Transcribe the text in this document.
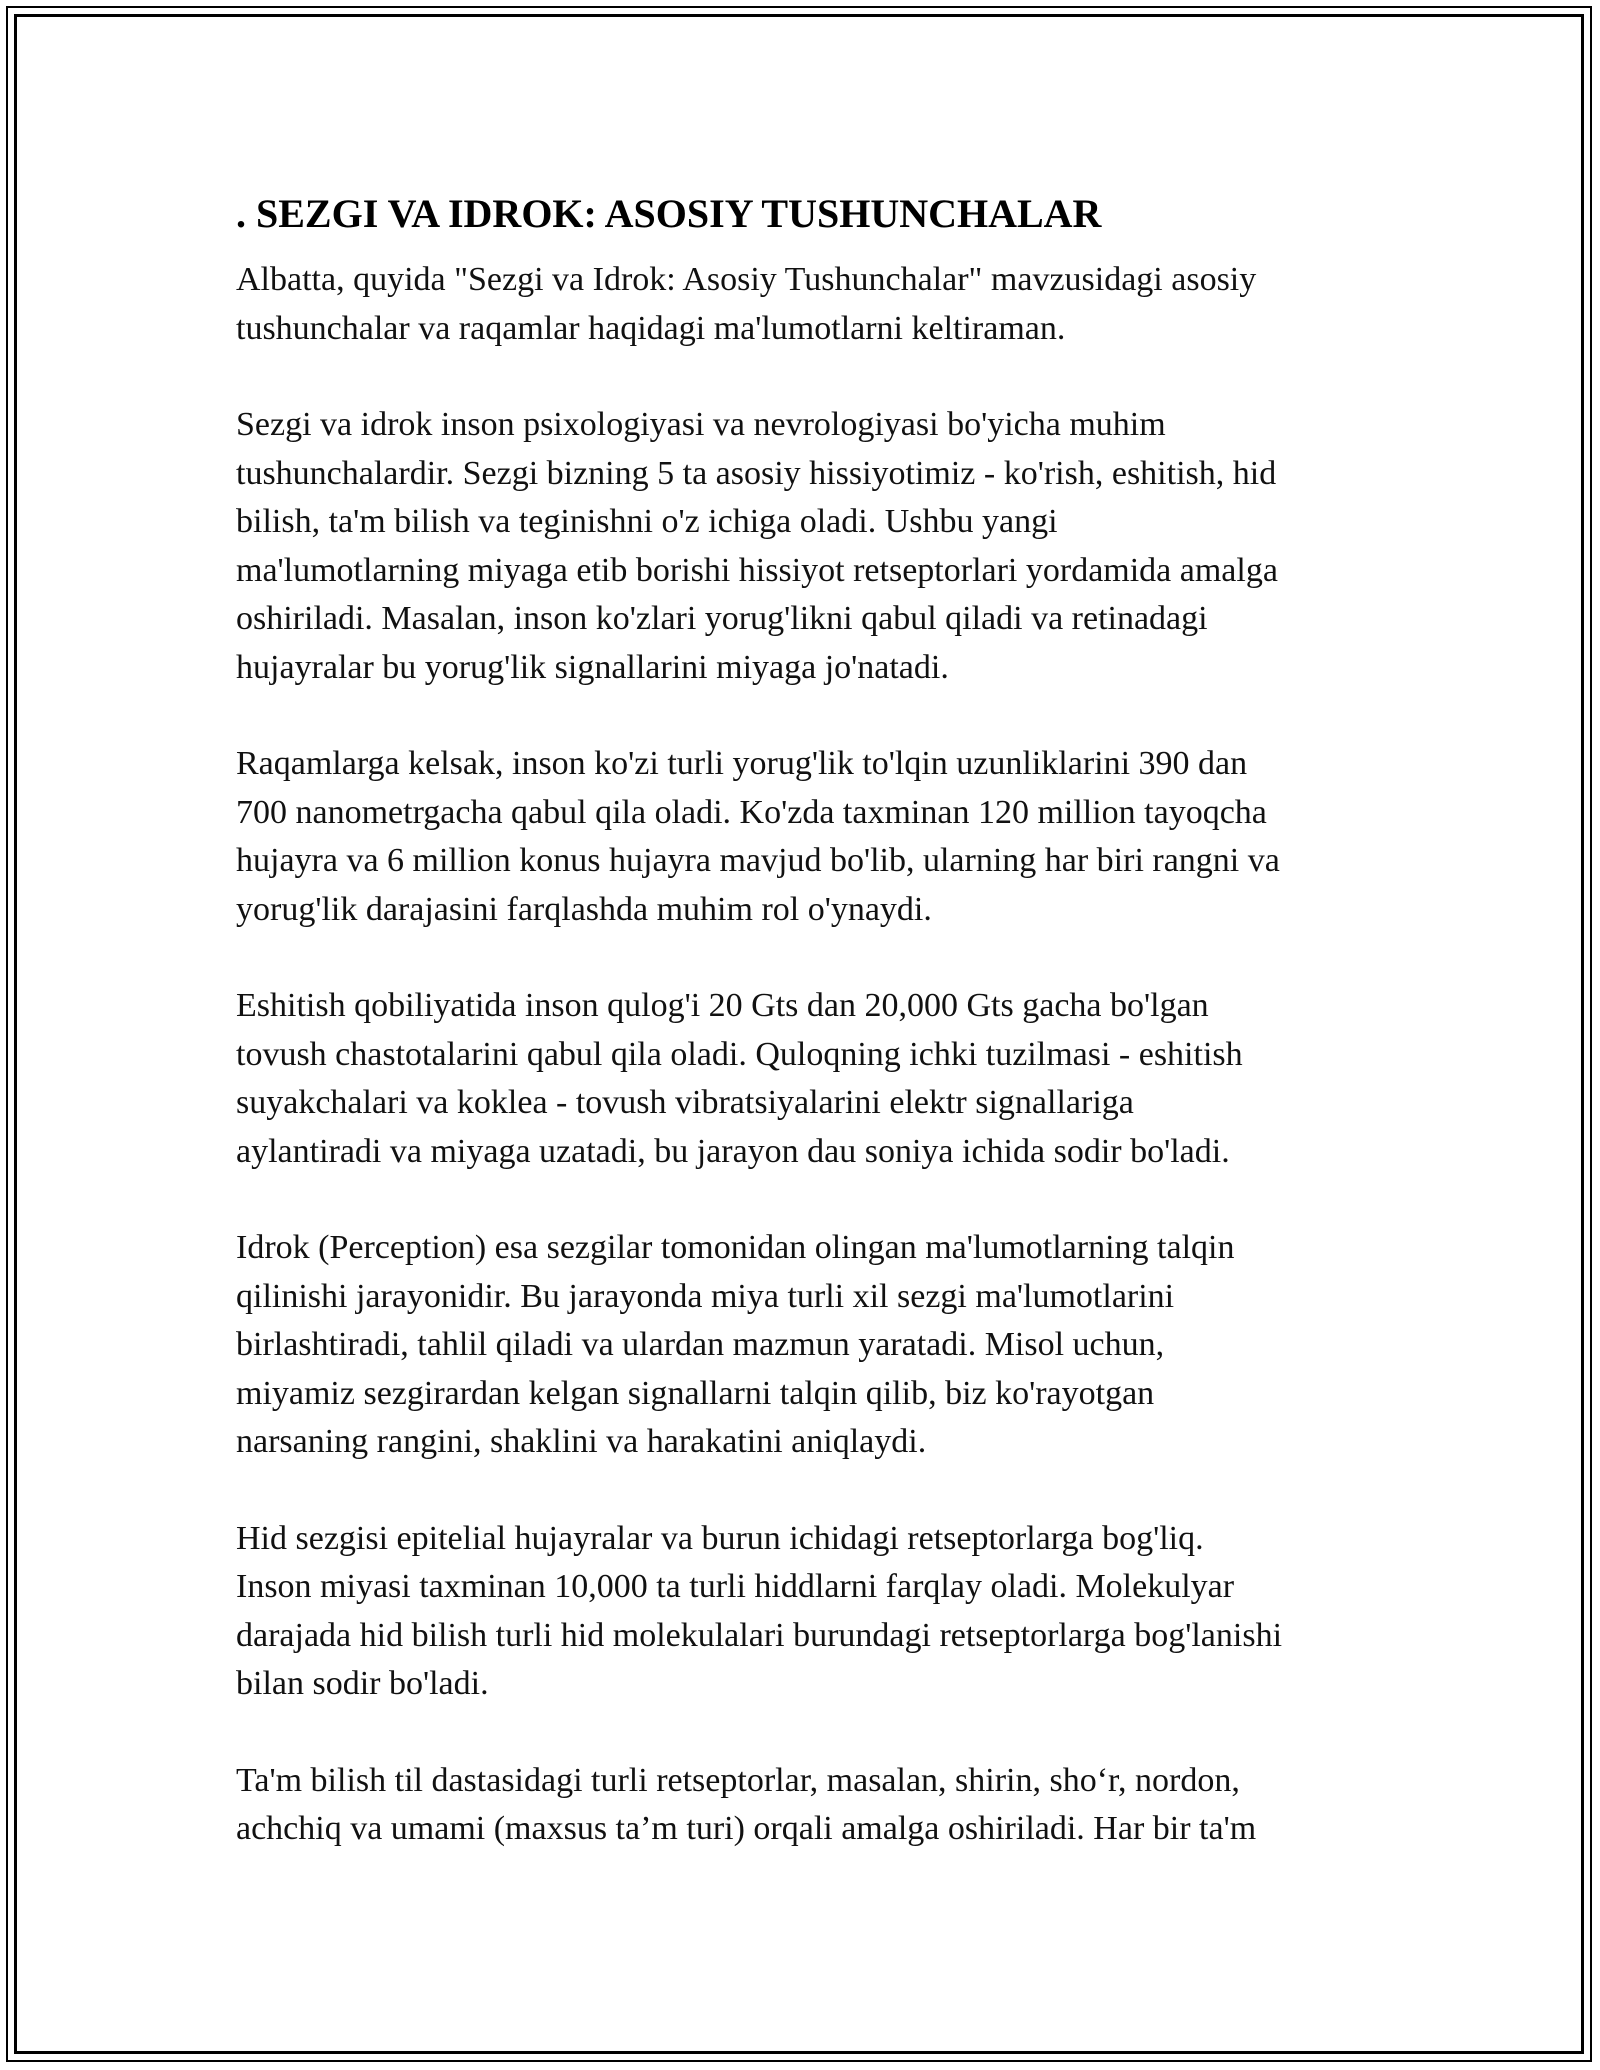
. SEZGI VA IDROK: ASOSIY TUSHUNCHALAR

Albatta, quyida "Sezgi va Idrok: Asosiy Tushunchalar" mavzusidagi asosiy
tushunchalar va raqamlar haqidagi ma'lumotlarni keltiraman.

Sezgi va idrok inson psixologiyasi va nevrologiyasi bo'yicha muhim
tushunchalardir. Sezgi bizning 5 ta asosiy hissiyotimiz - ko'rish, eshitish, hid
bilish, ta'm bilish va teginishni o'z ichiga oladi. Ushbu yangi
ma'lumotlarning miyaga etib borishi hissiyot retseptorlari yordamida amalga
oshiriladi. Masalan, inson ko'zlari yorug'likni qabul qiladi va retinadagi
hujayralar bu yorug'lik signallarini miyaga jo'natadi.

Raqamlarga kelsak, inson ko'zi turli yorug'lik to'lqin uzunliklarini 390 dan
700 nanometrgacha qabul qila oladi. Ko'zda taxminan 120 million tayoqcha
hujayra va 6 million konus hujayra mavjud bo'lib, ularning har biri rangni va
yorug'lik darajasini farqlashda muhim rol o'ynaydi.

Eshitish qobiliyatida inson qulog'i 20 Gts dan 20,000 Gts gacha bo'lgan
tovush chastotalarini qabul qila oladi. Quloqning ichki tuzilmasi - eshitish
suyakchalari va koklea - tovush vibratsiyalarini elektr signallariga
aylantiradi va miyaga uzatadi, bu jarayon dau soniya ichida sodir bo'ladi.

Idrok (Perception) esa sezgilar tomonidan olingan ma'lumotlarning talqin
qilinishi jarayonidir. Bu jarayonda miya turli xil sezgi ma'lumotlarini
birlashtiradi, tahlil qiladi va ulardan mazmun yaratadi. Misol uchun,
miyamiz sezgirardan kelgan signallarni talqin qilib, biz ko'rayotgan
narsaning rangini, shaklini va harakatini aniqlaydi.

Hid sezgisi epitelial hujayralar va burun ichidagi retseptorlarga bog'liq.
Inson miyasi taxminan 10,000 ta turli hiddlarni farqlay oladi. Molekulyar
darajada hid bilish turli hid molekulalari burundagi retseptorlarga bog'lanishi
bilan sodir bo'ladi.

Ta'm bilish til dastasidagi turli retseptorlar, masalan, shirin, sho‘r, nordon,
achchiq va umami (maxsus ta’m turi) orqali amalga oshiriladi. Har bir ta'm
